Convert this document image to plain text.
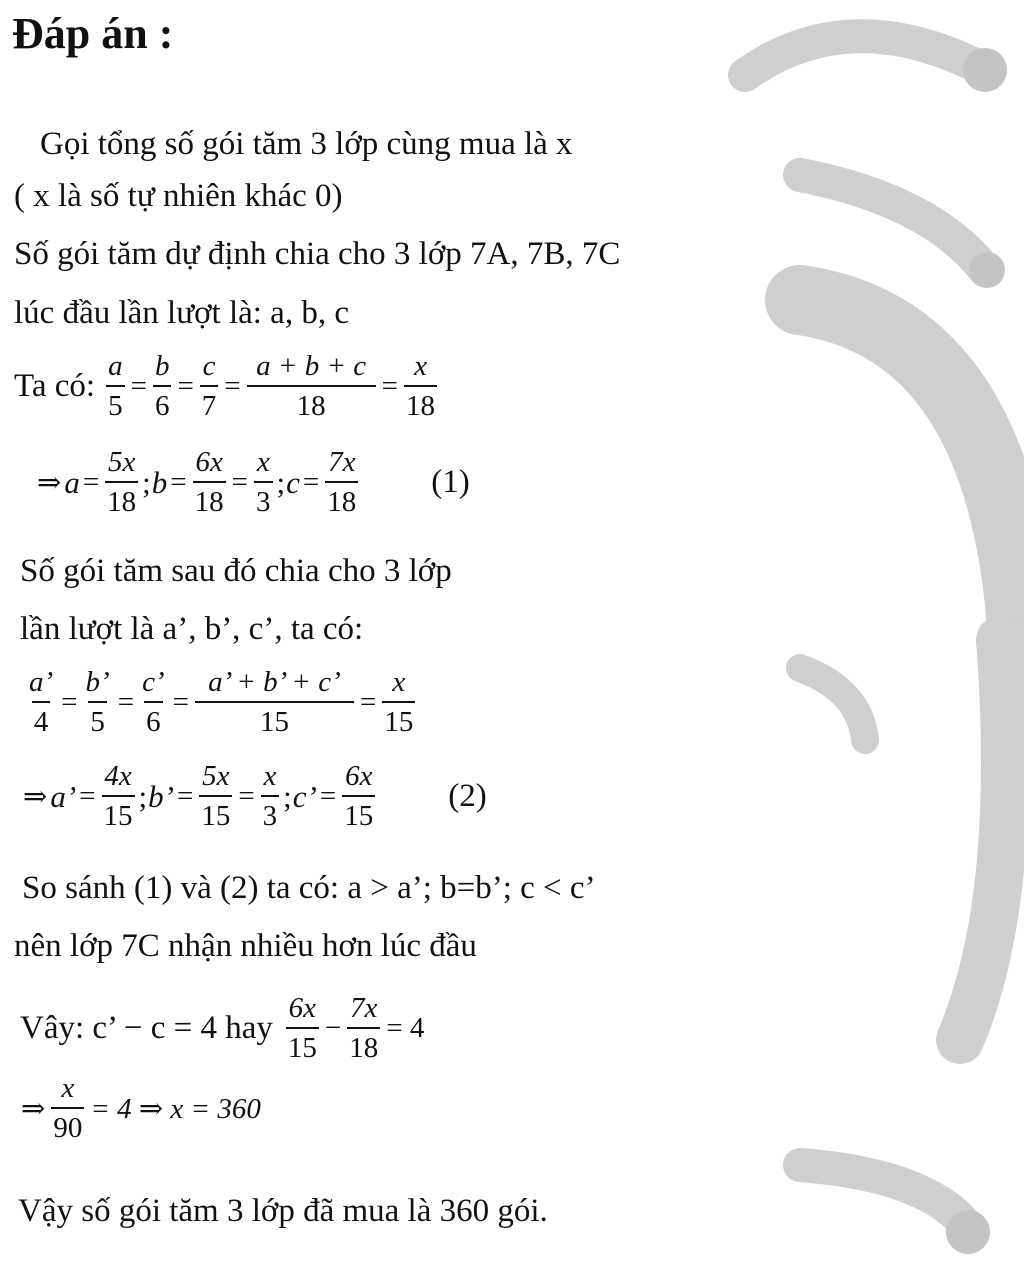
Đáp án :
Gọi tổng số gói tăm 3 lớp cùng mua là x
( x là số tự nhiên khác 0)
Số gói tăm dự định chia cho 3 lớp 7A, 7B, 7C
lúc đầu lần lượt là: a, b, c
Ta có: $\frac{a}{5} = \frac{b}{6} = \frac{c}{7} = \frac{a + b + c}{18} = \frac{x}{18}$
⇒ $a = \frac{5x}{18}$ ; $b = \frac{6x}{18} = \frac{x}{3}$ ; $c = \frac{7x}{18} (1)$
Số gói tăm sau đó chia cho 3 lớp
lần lượt là a’, b’, c’, ta có:
$\frac{a’}{4} = \frac{b’}{5} = \frac{c’}{6} = \frac{a’ + b’ + c’}{15} = \frac{x}{15}$
⇒ a’ = $\frac{4x}{15}$ ; b’ = $\frac{5x}{15} = \frac{x}{3}$ ; c’ = $\frac{6x}{15} (2)$
So sánh (1) và (2) ta có: a > a’; b=b’; c < c’
nên lớp 7C nhận nhiều hơn lúc đầu
Vây: c’ − c = 4 hay $\frac{6x}{15} - \frac{7x}{18} = 4$
⇒ $\frac{x}{90} = 4$ ⇒ x = 360
Vậy số gói tăm 3 lớp đã mua là 360 gói.
